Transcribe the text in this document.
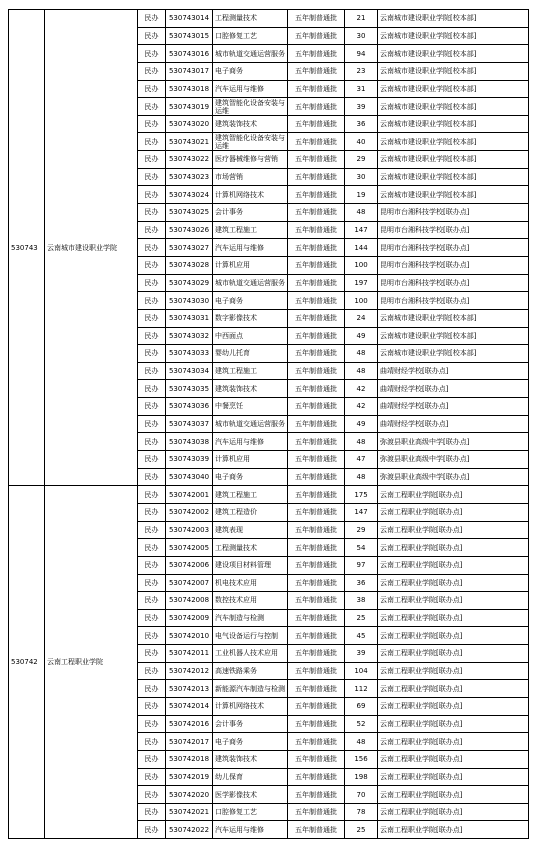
530743	云南城市建设职业学院	民办	530743014	工程测量技术	五年制普通批	21	云南城市建设职业学院[校本部]
		民办	530743015	口腔修复工艺	五年制普通批	30	云南城市建设职业学院[校本部]
		民办	530743016	城市轨道交通运营服务	五年制普通批	94	云南城市建设职业学院[校本部]
		民办	530743017	电子商务	五年制普通批	23	云南城市建设职业学院[校本部]
		民办	530743018	汽车运用与维修	五年制普通批	31	云南城市建设职业学院[校本部]
		民办	530743019	建筑智能化设备安装与运维	五年制普通批	39	云南城市建设职业学院[校本部]
		民办	530743020	建筑装饰技术	五年制普通批	36	云南城市建设职业学院[校本部]
		民办	530743021	建筑智能化设备安装与运维	五年制普通批	40	云南城市建设职业学院[校本部]
		民办	530743022	医疗器械维修与营销	五年制普通批	29	云南城市建设职业学院[校本部]
		民办	530743023	市场营销	五年制普通批	30	云南城市建设职业学院[校本部]
		民办	530743024	计算机网络技术	五年制普通批	19	云南城市建设职业学院[校本部]
		民办	530743025	会计事务	五年制普通批	48	昆明市台湘科技学校[联办点]
		民办	530743026	建筑工程施工	五年制普通批	147	昆明市台湘科技学校[联办点]
		民办	530743027	汽车运用与维修	五年制普通批	144	昆明市台湘科技学校[联办点]
		民办	530743028	计算机应用	五年制普通批	100	昆明市台湘科技学校[联办点]
		民办	530743029	城市轨道交通运营服务	五年制普通批	197	昆明市台湘科技学校[联办点]
		民办	530743030	电子商务	五年制普通批	100	昆明市台湘科技学校[联办点]
		民办	530743031	数字影像技术	五年制普通批	24	云南城市建设职业学院[校本部]
		民办	530743032	中西面点	五年制普通批	49	云南城市建设职业学院[校本部]
		民办	530743033	婴幼儿托育	五年制普通批	48	云南城市建设职业学院[校本部]
		民办	530743034	建筑工程施工	五年制普通批	48	曲靖财经学校[联办点]
		民办	530743035	建筑装饰技术	五年制普通批	42	曲靖财经学校[联办点]
		民办	530743036	中餐烹饪	五年制普通批	42	曲靖财经学校[联办点]
		民办	530743037	城市轨道交通运营服务	五年制普通批	49	曲靖财经学校[联办点]
		民办	530743038	汽车运用与维修	五年制普通批	48	弥渡县职业高级中学[联办点]
		民办	530743039	计算机应用	五年制普通批	47	弥渡县职业高级中学[联办点]
		民办	530743040	电子商务	五年制普通批	48	弥渡县职业高级中学[联办点]
530742	云南工程职业学院	民办	530742001	建筑工程施工	五年制普通批	175	云南工程职业学院[联办点]
		民办	530742002	建筑工程造价	五年制普通批	147	云南工程职业学院[联办点]
		民办	530742003	建筑表现	五年制普通批	29	云南工程职业学院[联办点]
		民办	530742005	工程测量技术	五年制普通批	54	云南工程职业学院[联办点]
		民办	530742006	建设项目材料管理	五年制普通批	97	云南工程职业学院[联办点]
		民办	530742007	机电技术应用	五年制普通批	36	云南工程职业学院[联办点]
		民办	530742008	数控技术应用	五年制普通批	38	云南工程职业学院[联办点]
		民办	530742009	汽车制造与检测	五年制普通批	25	云南工程职业学院[联办点]
		民办	530742010	电气设备运行与控制	五年制普通批	45	云南工程职业学院[联办点]
		民办	530742011	工业机器人技术应用	五年制普通批	39	云南工程职业学院[联办点]
		民办	530742012	高速铁路乘务	五年制普通批	104	云南工程职业学院[联办点]
		民办	530742013	新能源汽车制造与检测	五年制普通批	112	云南工程职业学院[联办点]
		民办	530742014	计算机网络技术	五年制普通批	69	云南工程职业学院[联办点]
		民办	530742016	会计事务	五年制普通批	52	云南工程职业学院[联办点]
		民办	530742017	电子商务	五年制普通批	48	云南工程职业学院[联办点]
		民办	530742018	建筑装饰技术	五年制普通批	156	云南工程职业学院[联办点]
		民办	530742019	幼儿保育	五年制普通批	198	云南工程职业学院[联办点]
		民办	530742020	医学影像技术	五年制普通批	70	云南工程职业学院[联办点]
		民办	530742021	口腔修复工艺	五年制普通批	78	云南工程职业学院[联办点]
		民办	530742022	汽车运用与维修	五年制普通批	25	云南工程职业学院[联办点]
